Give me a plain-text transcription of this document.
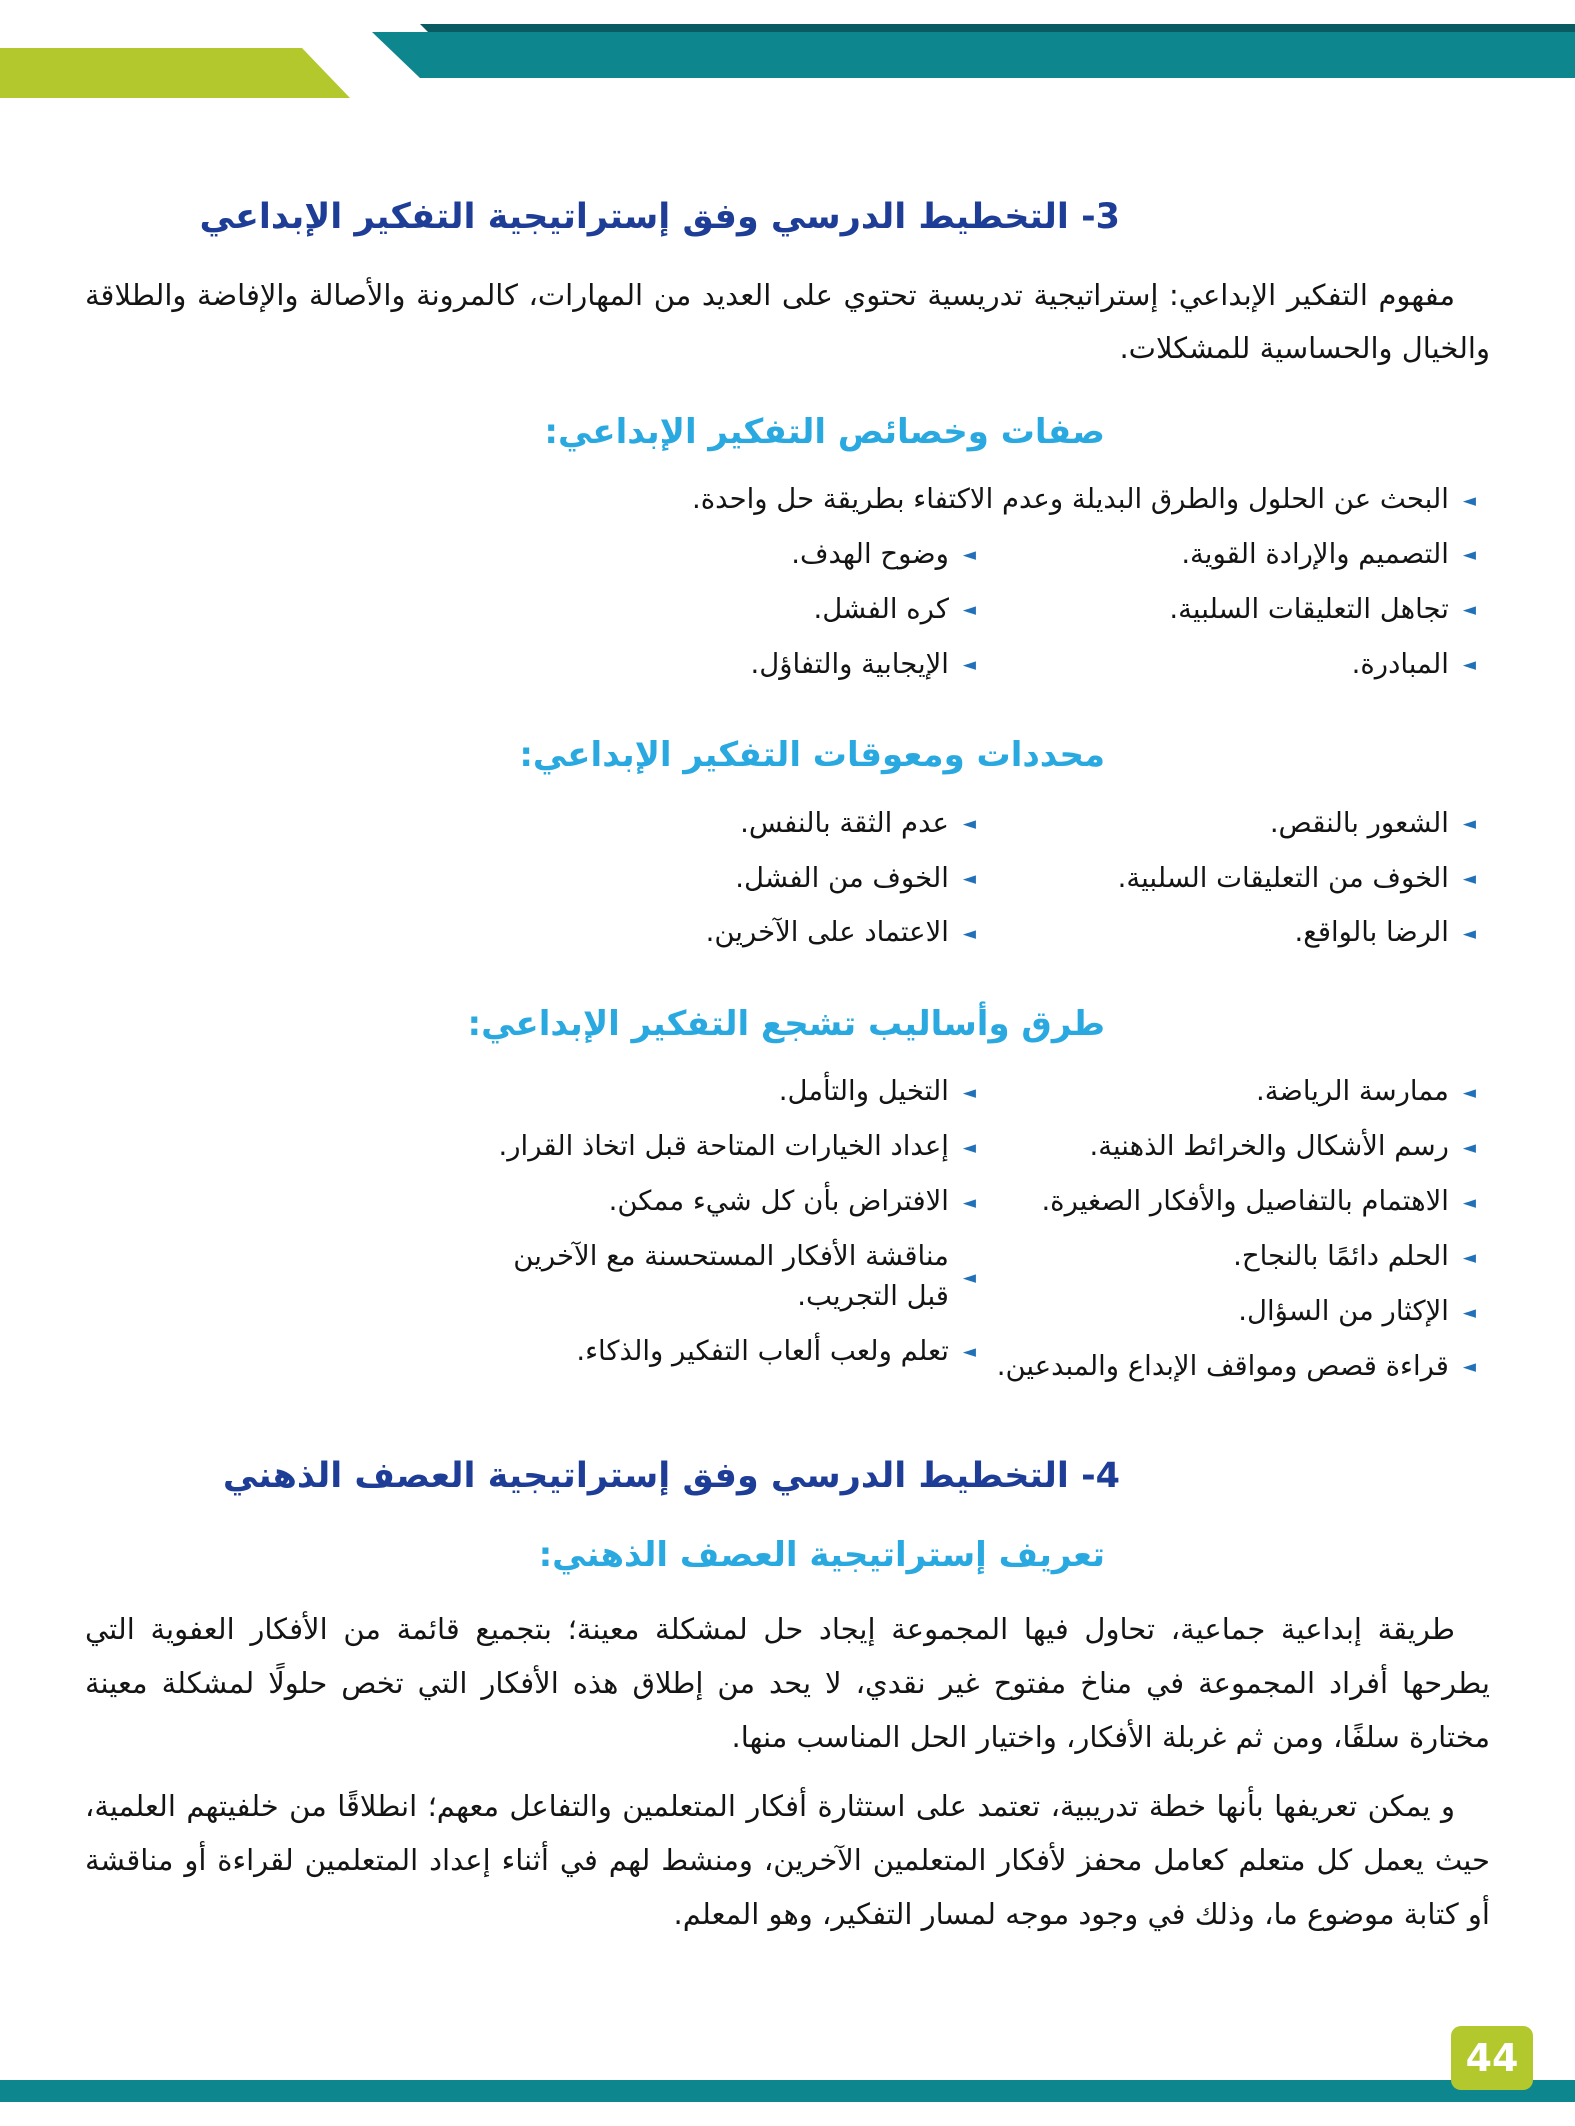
3- التخطيط الدرسي وفق إستراتيجية التفكير الإبداعي

مفهوم التفكير الإبداعي: إستراتيجية تدريسية تحتوي على العديد من المهارات، كالمرونة والأصالة والإفاضة والطلاقة والخيال والحساسية للمشكلات.

صفات وخصائص التفكير الإبداعي:
◄
البحث عن الحلول والطرق البديلة وعدم الاكتفاء بطريقة حل واحدة.
◄
التصميم والإرادة القوية.
◄
تجاهل التعليقات السلبية.
◄
المبادرة.
◄
وضوح الهدف.
◄
كره الفشل.
◄
الإيجابية والتفاؤل.
محددات ومعوقات التفكير الإبداعي:
◄
الشعور بالنقص.
◄
الخوف من التعليقات السلبية.
◄
الرضا بالواقع.
◄
عدم الثقة بالنفس.
◄
الخوف من الفشل.
◄
الاعتماد على الآخرين.
طرق وأساليب تشجع التفكير الإبداعي:
◄
ممارسة الرياضة.
◄
رسم الأشكال والخرائط الذهنية.
◄
الاهتمام بالتفاصيل والأفكار الصغيرة.
◄
الحلم دائمًا بالنجاح.
◄
الإكثار من السؤال.
◄
قراءة قصص ومواقف الإبداع والمبدعين.
◄
التخيل والتأمل.
◄
إعداد الخيارات المتاحة قبل اتخاذ القرار.
◄
الافتراض بأن كل شيء ممكن.
◄
مناقشة الأفكار المستحسنة مع الآخرين قبل التجريب.
◄
تعلم ولعب ألعاب التفكير والذكاء.
4- التخطيط الدرسي وفق إستراتيجية العصف الذهني
تعريف إستراتيجية العصف الذهني:

طريقة إبداعية جماعية، تحاول فيها المجموعة إيجاد حل لمشكلة معينة؛ بتجميع قائمة من الأفكار العفوية التي يطرحها أفراد المجموعة في مناخ مفتوح غير نقدي، لا يحد من إطلاق هذه الأفكار التي تخص حلولًا لمشكلة معينة مختارة سلفًا، ومن ثم غربلة الأفكار، واختيار الحل المناسب منها.

و يمكن تعريفها بأنها خطة تدريبية، تعتمد على استثارة أفكار المتعلمين والتفاعل معهم؛ انطلاقًا من خلفيتهم العلمية، حيث يعمل كل متعلم كعامل محفز لأفكار المتعلمين الآخرين، ومنشط لهم في أثناء إعداد المتعلمين لقراءة أو مناقشة أو كتابة موضوع ما، وذلك في وجود موجه لمسار التفكير، وهو المعلم.

44
